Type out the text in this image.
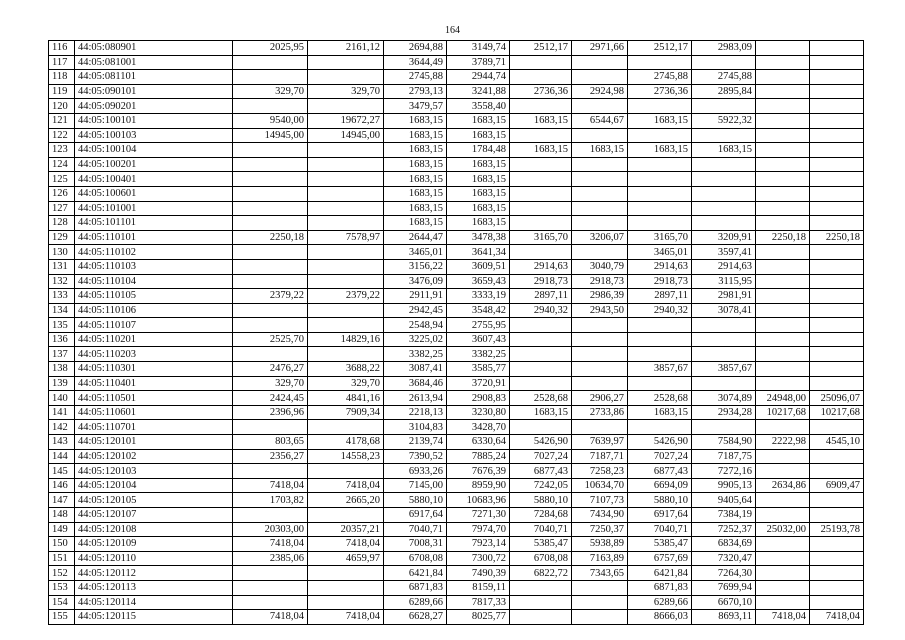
164
116	44:05:080901	2025,95	2161,12	2694,88	3149,74	2512,17	2971,66	2512,17	2983,09		
117	44:05:081001			3644,49	3789,71						
118	44:05:081101			2745,88	2944,74			2745,88	2745,88		
119	44:05:090101	329,70	329,70	2793,13	3241,88	2736,36	2924,98	2736,36	2895,84		
120	44:05:090201			3479,57	3558,40						
121	44:05:100101	9540,00	19672,27	1683,15	1683,15	1683,15	6544,67	1683,15	5922,32		
122	44:05:100103	14945,00	14945,00	1683,15	1683,15						
123	44:05:100104			1683,15	1784,48	1683,15	1683,15	1683,15	1683,15		
124	44:05:100201			1683,15	1683,15						
125	44:05:100401			1683,15	1683,15						
126	44:05:100601			1683,15	1683,15						
127	44:05:101001			1683,15	1683,15						
128	44:05:101101			1683,15	1683,15						
129	44:05:110101	2250,18	7578,97	2644,47	3478,38	3165,70	3206,07	3165,70	3209,91	2250,18	2250,18
130	44:05:110102			3465,01	3641,34			3465,01	3597,41		
131	44:05:110103			3156,22	3609,51	2914,63	3040,79	2914,63	2914,63		
132	44:05:110104			3476,09	3659,43	2918,73	2918,73	2918,73	3115,95		
133	44:05:110105	2379,22	2379,22	2911,91	3333,19	2897,11	2986,39	2897,11	2981,91		
134	44:05:110106			2942,45	3548,42	2940,32	2943,50	2940,32	3078,41		
135	44:05:110107			2548,94	2755,95						
136	44:05:110201	2525,70	14829,16	3225,02	3607,43						
137	44:05:110203			3382,25	3382,25						
138	44:05:110301	2476,27	3688,22	3087,41	3585,77			3857,67	3857,67		
139	44:05:110401	329,70	329,70	3684,46	3720,91						
140	44:05:110501	2424,45	4841,16	2613,94	2908,83	2528,68	2906,27	2528,68	3074,89	24948,00	25096,07
141	44:05:110601	2396,96	7909,34	2218,13	3230,80	1683,15	2733,86	1683,15	2934,28	10217,68	10217,68
142	44:05:110701			3104,83	3428,70						
143	44:05:120101	803,65	4178,68	2139,74	6330,64	5426,90	7639,97	5426,90	7584,90	2222,98	4545,10
144	44:05:120102	2356,27	14558,23	7390,52	7885,24	7027,24	7187,71	7027,24	7187,75		
145	44:05:120103			6933,26	7676,39	6877,43	7258,23	6877,43	7272,16		
146	44:05:120104	7418,04	7418,04	7145,00	8959,90	7242,05	10634,70	6694,09	9905,13	2634,86	6909,47
147	44:05:120105	1703,82	2665,20	5880,10	10683,96	5880,10	7107,73	5880,10	9405,64		
148	44:05:120107			6917,64	7271,30	7284,68	7434,90	6917,64	7384,19		
149	44:05:120108	20303,00	20357,21	7040,71	7974,70	7040,71	7250,37	7040,71	7252,37	25032,00	25193,78
150	44:05:120109	7418,04	7418,04	7008,31	7923,14	5385,47	5938,89	5385,47	6834,69		
151	44:05:120110	2385,06	4659,97	6708,08	7300,72	6708,08	7163,89	6757,69	7320,47		
152	44:05:120112			6421,84	7490,39	6822,72	7343,65	6421,84	7264,30		
153	44:05:120113			6871,83	8159,11			6871,83	7699,94		
154	44:05:120114			6289,66	7817,33			6289,66	6670,10		
155	44:05:120115	7418,04	7418,04	6628,27	8025,77			8666,03	8693,11	7418,04	7418,04
